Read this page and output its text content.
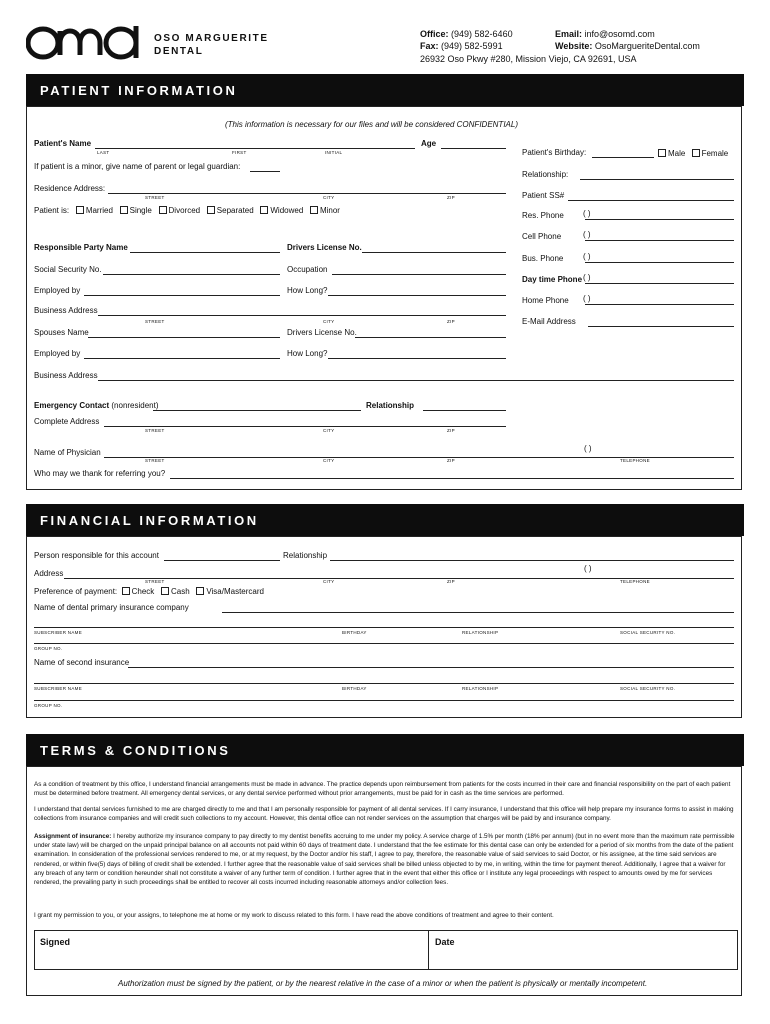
OSO MARGUERITE
DENTAL
Office: (949) 582-6460
Fax: (949) 582-5991
Email: info@osomd.com
Website: OsoMargueriteDental.com
26932 Oso Pkwy #280, Mission Viejo, CA 92691, USA
PATIENT INFORMATION
(This information is necessary for our files and will be considered CONFIDENTIAL)
Patient's Name
LAST	FIRST	INITIAL
Age
If patient is a minor, give name of parent or legal guardian:
Residence Address:
STREET	CITY	ZIP
Patient is: Married Single Divorced Separated Widowed Minor
Patient's Birthday:	Male Female
Relationship:
Patient SS#
Res. Phone ( )
Cell Phone	( )
Bus. Phone ( )
Day time Phone ( )
Home Phone ( )
E-Mail Address
Responsible Party Name	Drivers License No.
Social Security No.	Occupation
Employed by	How Long?
Business Address
STREET	CITY	ZIP
Spouses Name	Drivers License No.
Employed by	How Long?
Business Address
Emergency Contact (nonresident)	Relationship
Complete Address
STREET	CITY	ZIP
Name of Physician	( )
STREET	CITY	ZIP	TELEPHONE
Who may we thank for referring you?
FINANCIAL INFORMATION
Person responsible for this account	Relationship
Address
( )
STREET	CITY	ZIP	TELEPHONE
Preference of payment: Check Cash Visa/Mastercard
Name of dental primary insurance company
SUBSCRIBER NAME	BIRTHDAY	RELATIONSHIP	SOCIAL SECURITY NO.
GROUP NO.
Name of second insurance
SUBSCRIBER NAME	BIRTHDAY	RELATIONSHIP	SOCIAL SECURITY NO.
GROUP NO.
TERMS & CONDITIONS
As a condition of treatment by this office, I understand financial arrangements must be made in advance. The practice depends upon reimbursement from patients for the costs incurred in their care and financial responsibility on the part of each patient must be determined before treatment. All emergency dental services, or any dental service performed without prior arrangements, must be paid for in cash as the time services are performed.
I understand that dental services furnished to me are charged directly to me and that I am personally responsible for payment of all dental services. If I carry insurance, I understand that this office will help prepare my insurance forms to assist in making collections from insurance companies and will credit such collections to my account. However, this dental office can not render services on the assumption that charges will be paid by and insurance company.
Assignment of insurance: I hereby authorize my insurance company to pay directly to my dentist benefits accruing to me under my policy. A service charge of 1.5% per month (18% per annum) (but in no event more than the maximum rate permissible under state law) will be charged on the unpaid principal balance on all accounts not paid within 60 days of treatment date. I understand that the fee estimate for this dental case can only be extended for a period of six months from the date of the patient examination. In consideration of the professional services rendered to me, or at my request, by the Doctor and/or his staff, I agree to pay, therefore, the reasonable value of said services to said Doctor, or his assignee, at the time said services are rendered, or within five(5) days of billing of credit shall be extended. I further agree that the reasonable value of said services shall be billed unless objected to by me, in writing, within the time for payment thereof. Additionally, I agree that a waiver for any breach of any term or condition hereunder shall not constitute a waiver of any further term of condition. I further agree that in the event that either this office or I institute any legal proceedings with respect to amounts owed by me for services rendered, the prevailing party in such proceedings shall be entitled to recover all costs incurred including reasonable attorneys and/or collection fees.
I grant my permission to you, or your assigns, to telephone me at home or my work to discuss related to this form. I have read the above conditions of treatment and agree to their content.
Signed	Date
Authorization must be signed by the patient, or by the nearest relative in the case of a minor or when the patient is physically or mentally incompetent.
